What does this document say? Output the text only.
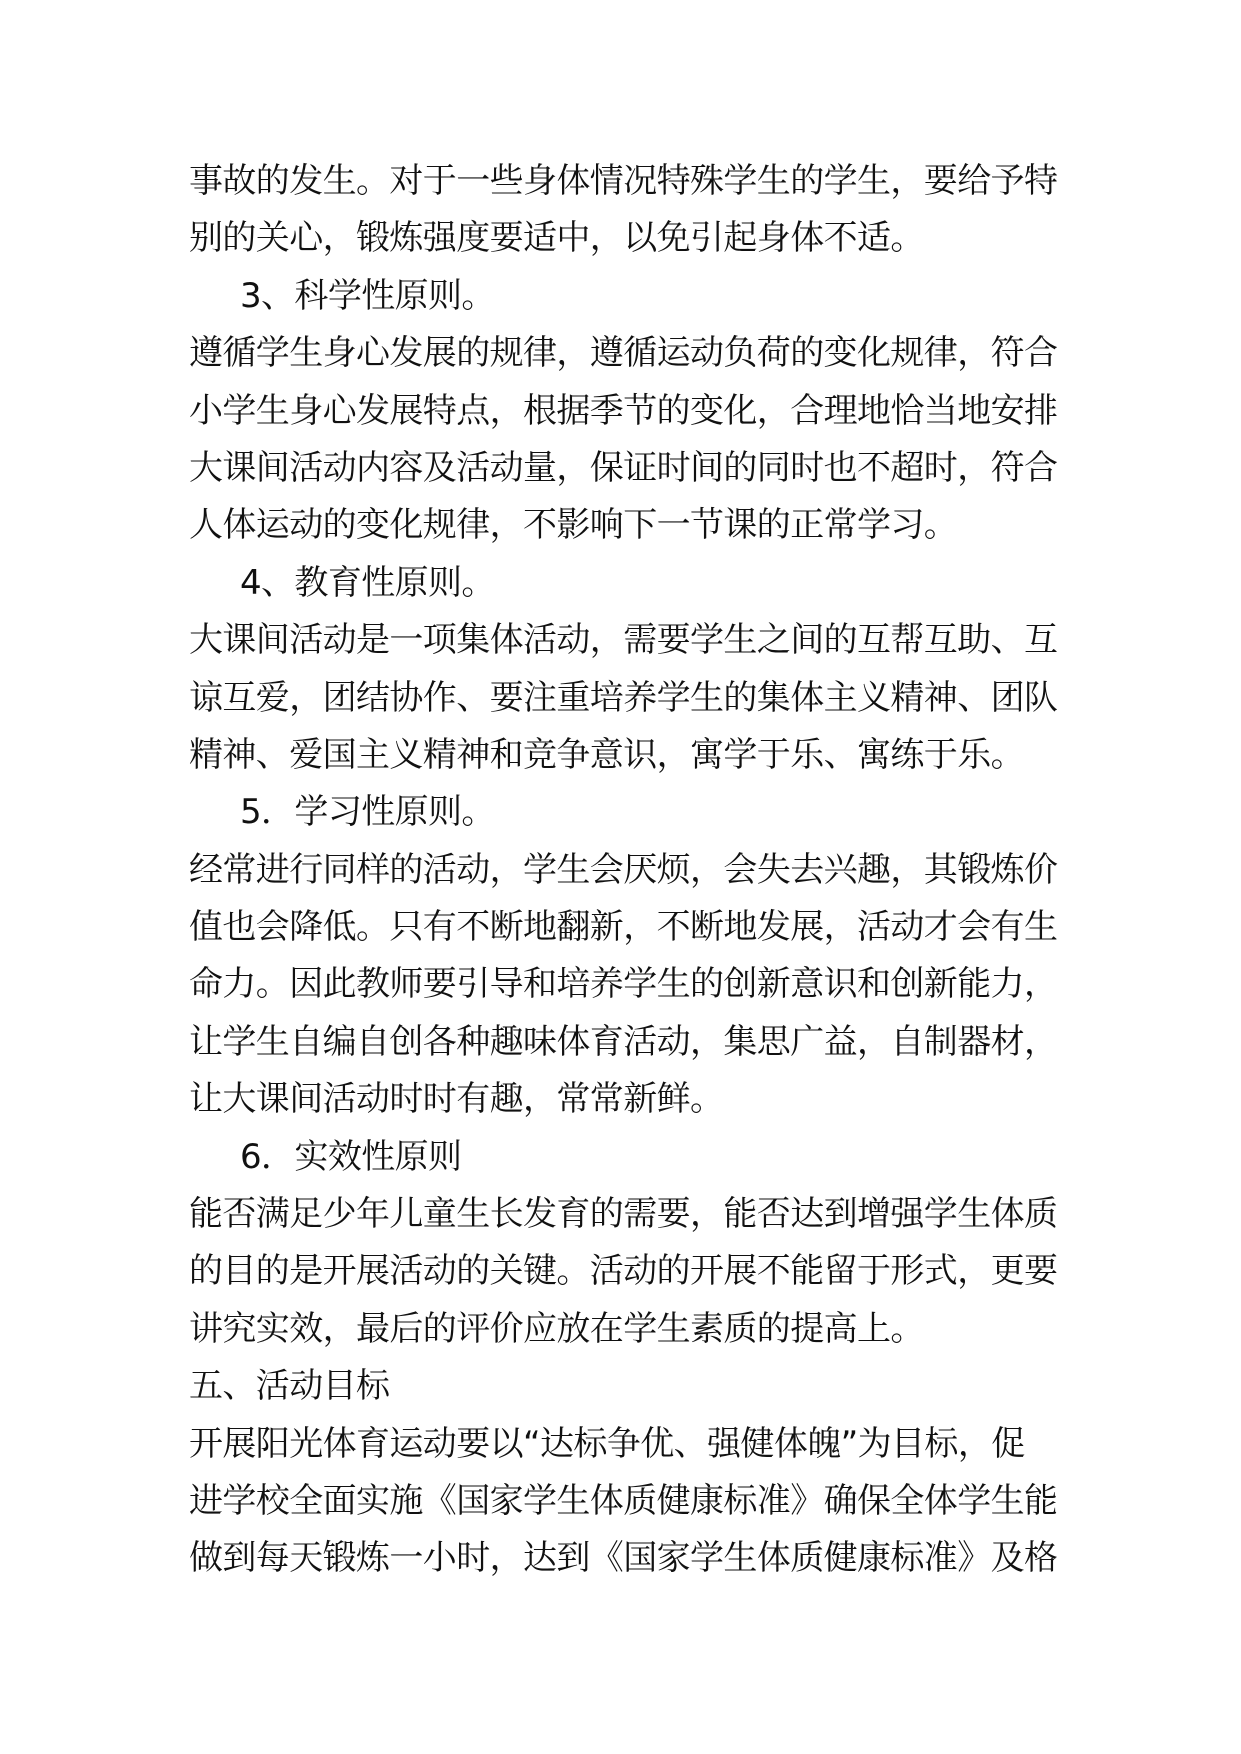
事故的发生。对于一些身体情况特殊学生的学生，要给予特
别的关心，锻炼强度要适中，以免引起身体不适。
3、科学性原则。
遵循学生身心发展的规律，遵循运动负荷的变化规律，符合
小学生身心发展特点，根据季节的变化，合理地恰当地安排
大课间活动内容及活动量，保证时间的同时也不超时，符合
人体运动的变化规律，不影响下一节课的正常学习。
4、教育性原则。
大课间活动是一项集体活动，需要学生之间的互帮互助、互
谅互爱，团结协作、要注重培养学生的集体主义精神、团队
精神、爱国主义精神和竞争意识，寓学于乐、寓练于乐。
5．学习性原则。
经常进行同样的活动，学生会厌烦，会失去兴趣，其锻炼价
值也会降低。只有不断地翻新，不断地发展，活动才会有生
命力。因此教师要引导和培养学生的创新意识和创新能力，
让学生自编自创各种趣味体育活动，集思广益，自制器材，
让大课间活动时时有趣，常常新鲜。
6．实效性原则
能否满足少年儿童生长发育的需要，能否达到增强学生体质
的目的是开展活动的关键。活动的开展不能留于形式，更要
讲究实效，最后的评价应放在学生素质的提高上。
五、活动目标
开展阳光体育运动要以“达标争优、强健体魄”为目标，促
进学校全面实施《国家学生体质健康标准》确保全体学生能
做到每天锻炼一小时，达到《国家学生体质健康标准》及格
